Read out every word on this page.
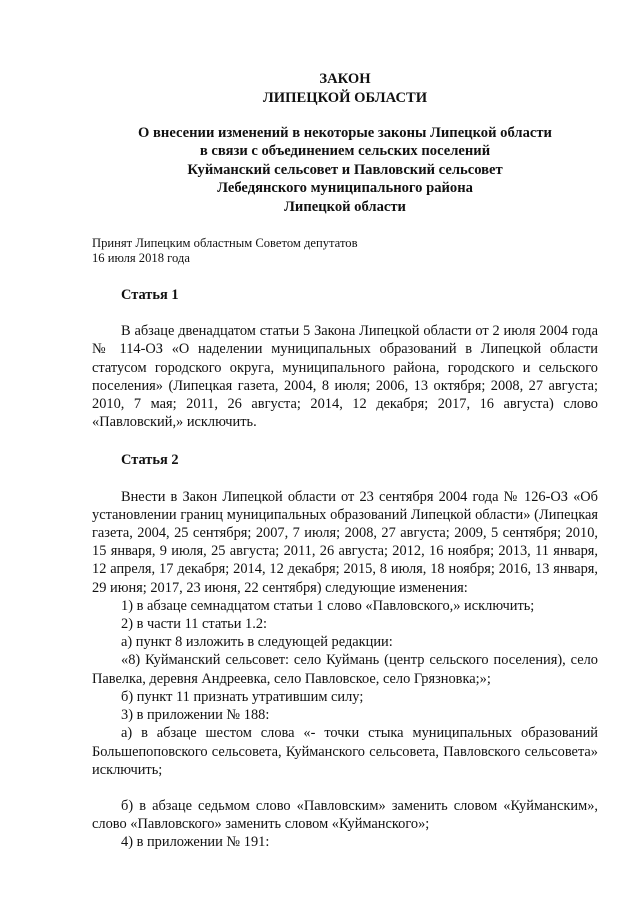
ЗАКОН
ЛИПЕЦКОЙ ОБЛАСТИ
О внесении изменений в некоторые законы Липецкой области
в связи с объединением сельских поселений
Куйманский сельсовет и Павловский сельсовет
Лебедянского муниципального района
Липецкой области
Принят Липецким областным Советом депутатов
16 июля 2018 года
Статья 1
В абзаце двенадцатом статьи 5 Закона Липецкой области от 2 июля 2004 года № 114-ОЗ «О наделении муниципальных образований в Липецкой области статусом городского округа, муниципального района, городского и сельского поселения» (Липецкая газета, 2004, 8 июля; 2006, 13 октября; 2008, 27 августа; 2010, 7 мая; 2011, 26 августа; 2014, 12 декабря; 2017, 16 августа) слово «Павловский,» исключить.
Статья 2
Внести в Закон Липецкой области от 23 сентября 2004 года № 126-ОЗ «Об установлении границ муниципальных образований Липецкой области» (Липецкая газета, 2004, 25 сентября; 2007, 7 июля; 2008, 27 августа; 2009, 5 сентября; 2010, 15 января, 9 июля, 25 августа; 2011, 26 августа; 2012, 16 ноября; 2013, 11 января, 12 апреля, 17 декабря; 2014, 12 декабря; 2015, 8 июля, 18 ноября; 2016, 13 января, 29 июня; 2017, 23 июня, 22 сентября) следующие изменения:
1) в абзаце семнадцатом статьи 1 слово «Павловского,» исключить;
2) в части 11 статьи 1.2:
а) пункт 8 изложить в следующей редакции:
«8) Куйманский сельсовет: село Куймань (центр сельского поселения), село Павелка, деревня Андреевка, село Павловское, село Грязновка;»;
б) пункт 11 признать утратившим силу;
3) в приложении № 188:
а) в абзаце шестом слова «- точки стыка муниципальных образований Большепоповского сельсовета, Куйманского сельсовета, Павловского сельсовета» исключить;
б) в абзаце седьмом слово «Павловским» заменить словом «Куйманским», слово «Павловского» заменить словом «Куйманского»;
4) в приложении № 191:
